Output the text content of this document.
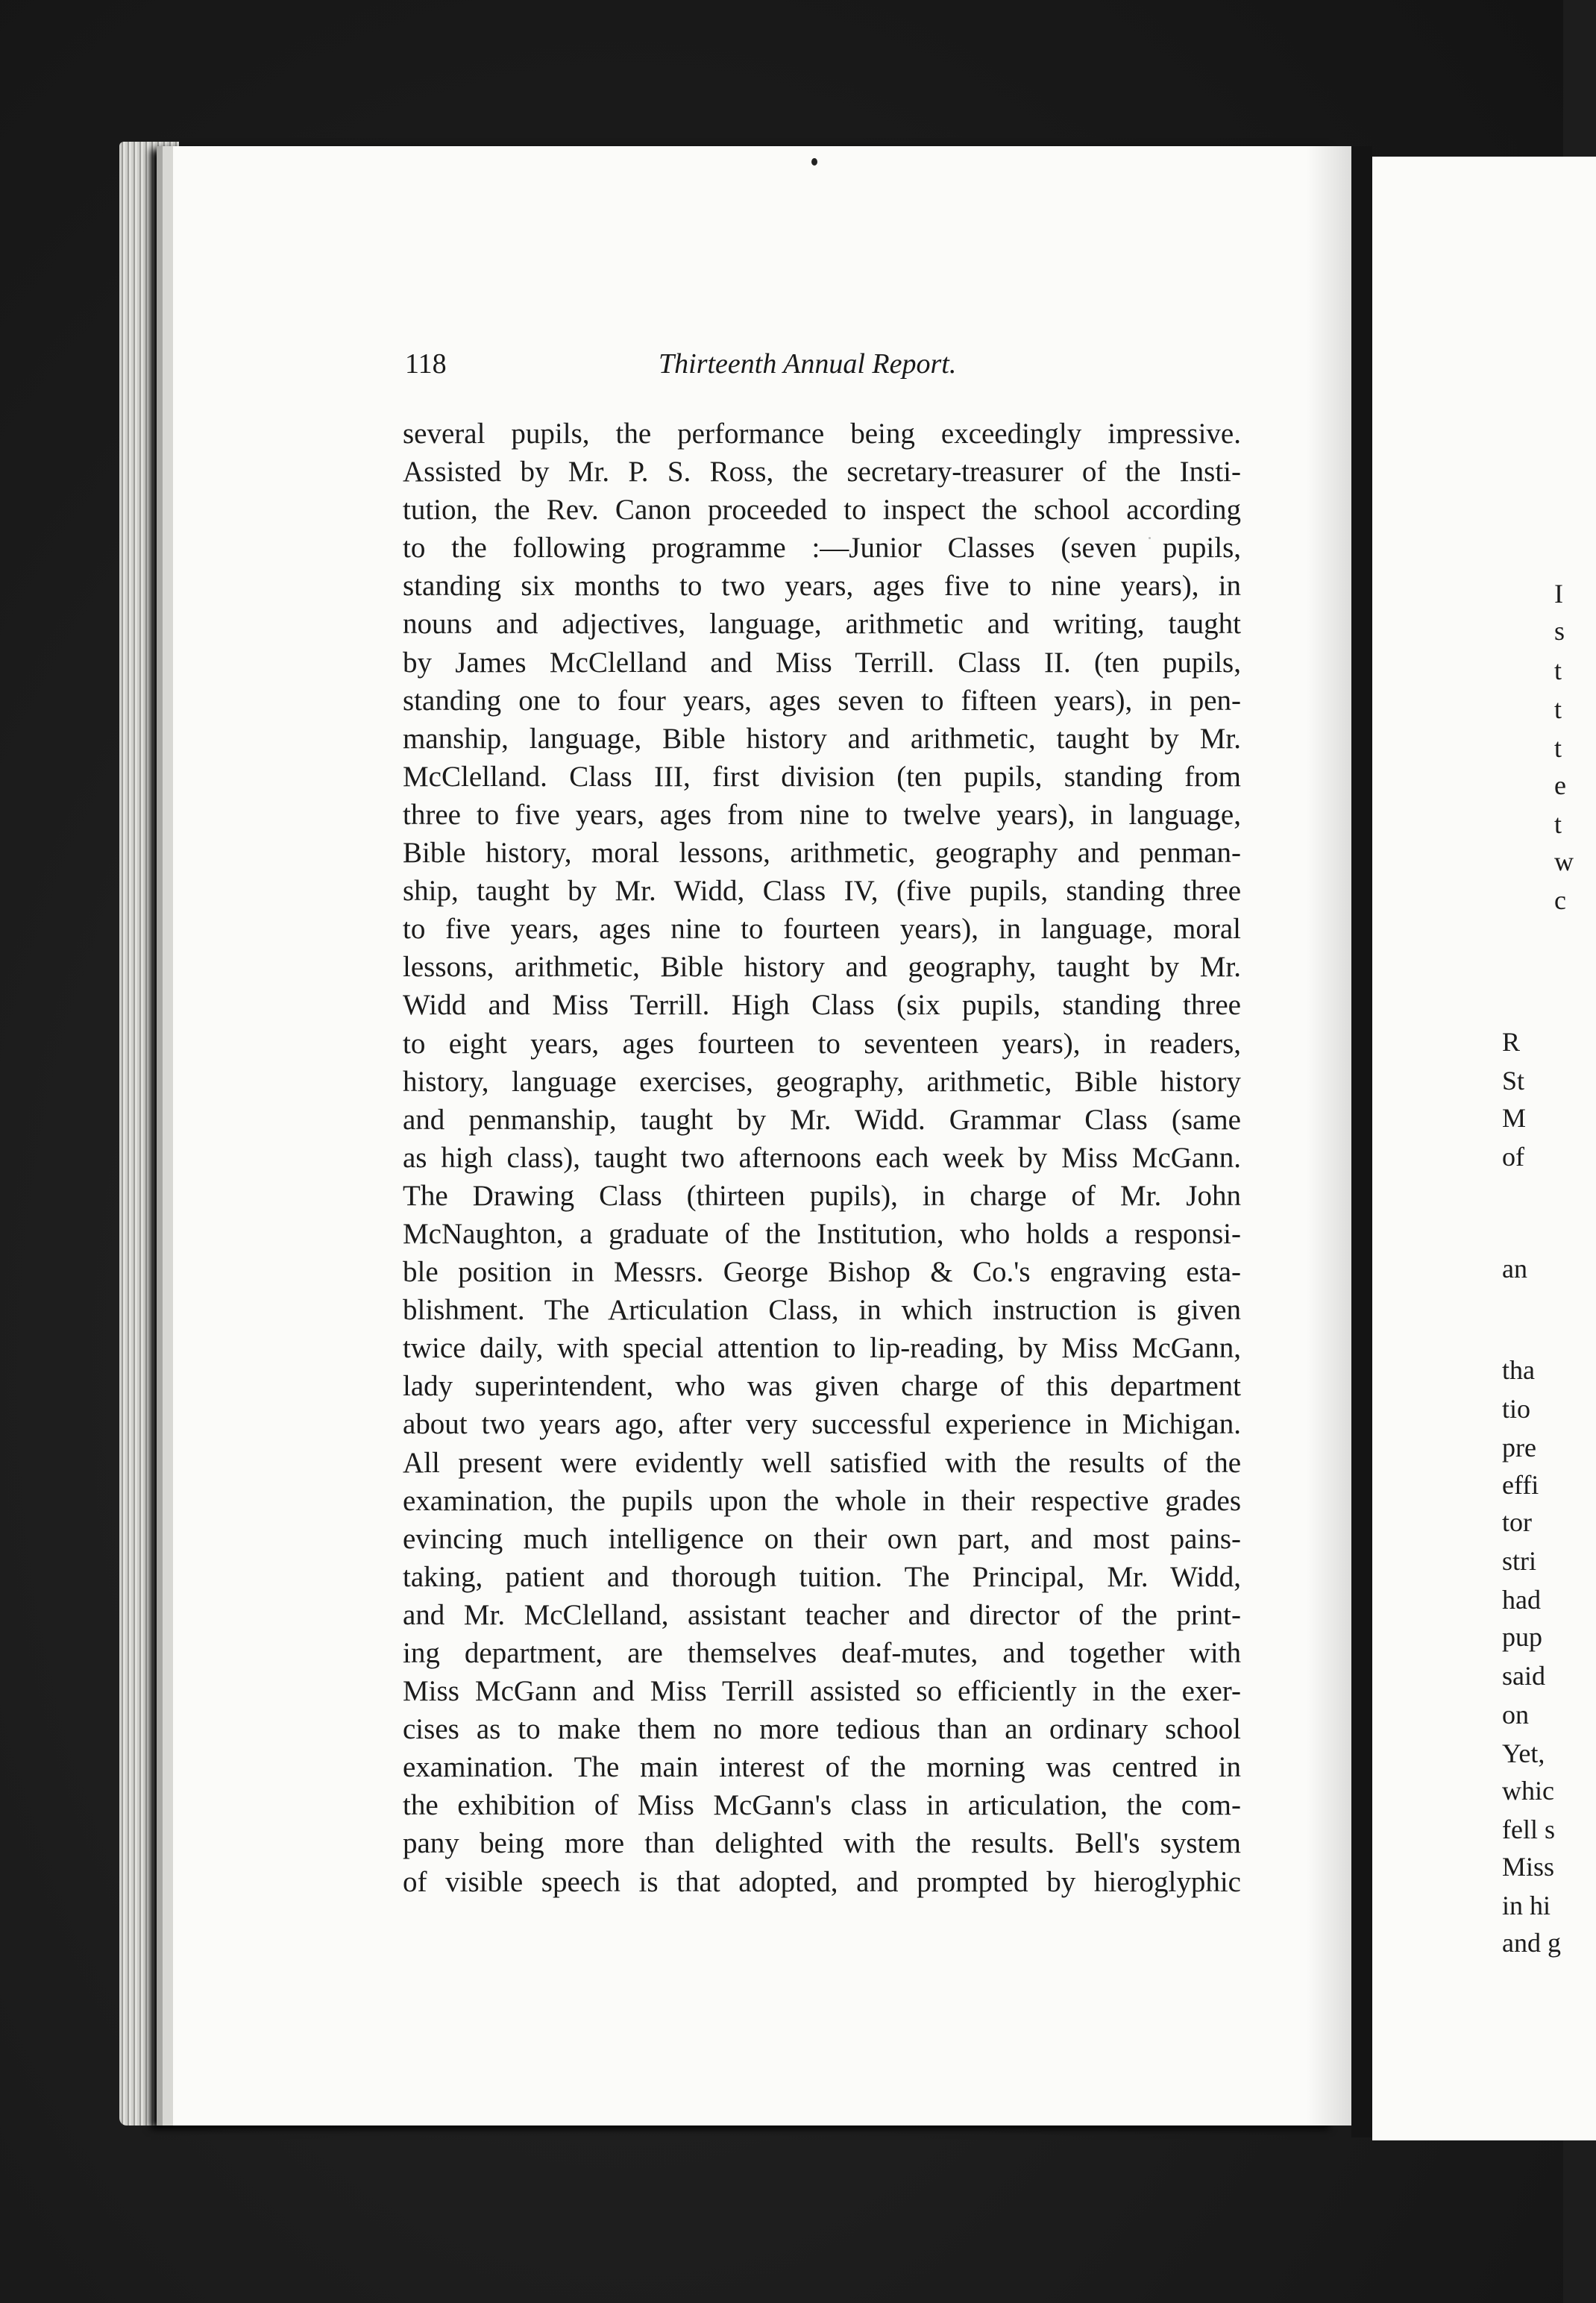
118	Thirteenth Annual Report.
several pupils, the performance being exceedingly impressive.
Assisted by Mr. P. S. Ross, the secretary-treasurer of the Insti-
tution, the Rev. Canon proceeded to inspect the school according
to the following programme :—Junior Classes (seven pupils,
standing six months to two years, ages five to nine years), in
nouns and adjectives, language, arithmetic and writing, taught
by James McClelland and Miss Terrill. Class II. (ten pupils,
standing one to four years, ages seven to fifteen years), in pen-
manship, language, Bible history and arithmetic, taught by Mr.
McClelland. Class III, first division (ten pupils, standing from
three to five years, ages from nine to twelve years), in language,
Bible history, moral lessons, arithmetic, geography and penman-
ship, taught by Mr. Widd, Class IV, (five pupils, standing three
to five years, ages nine to fourteen years), in language, moral
lessons, arithmetic, Bible history and geography, taught by Mr.
Widd and Miss Terrill. High Class (six pupils, standing three
to eight years, ages fourteen to seventeen years), in readers,
history, language exercises, geography, arithmetic, Bible history
and penmanship, taught by Mr. Widd. Grammar Class (same
as high class), taught two afternoons each week by Miss McGann.
The Drawing Class (thirteen pupils), in charge of Mr. John
McNaughton, a graduate of the Institution, who holds a responsi-
ble position in Messrs. George Bishop & Co.'s engraving esta-
blishment. The Articulation Class, in which instruction is given
twice daily, with special attention to lip-reading, by Miss McGann,
lady superintendent, who was given charge of this department
about two years ago, after very successful experience in Michigan.
All present were evidently well satisfied with the results of the
examination, the pupils upon the whole in their respective grades
evincing much intelligence on their own part, and most pains-
taking, patient and thorough tuition. The Principal, Mr. Widd,
and Mr. McClelland, assistant teacher and director of the print-
ing department, are themselves deaf-mutes, and together with
Miss McGann and Miss Terrill assisted so efficiently in the exer-
cises as to make them no more tedious than an ordinary school
examination. The main interest of the morning was centred in
the exhibition of Miss McGann's class in articulation, the com-
pany being more than delighted with the results. Bell's system
of visible speech is that adopted, and prompted by hieroglyphic
I
s
t
t
t
e
t
w
c
R
St
M
of
an
tha
tio
pre
effi
tor
stri
had
pup
said
on
Yet,
whic
fell s
Miss
in hi
and g
